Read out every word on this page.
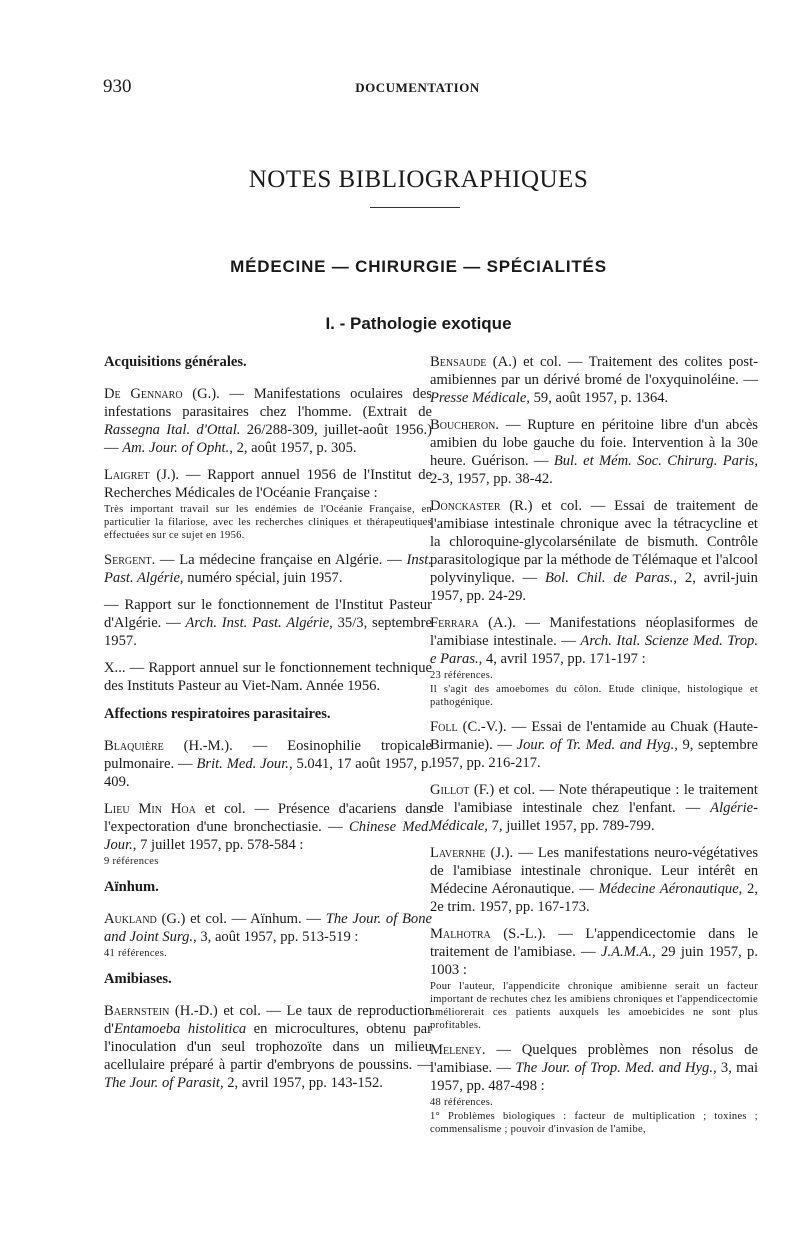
930	DOCUMENTATION
NOTES BIBLIOGRAPHIQUES
MÉDECINE — CHIRURGIE — SPÉCIALITÉS
I. - Pathologie exotique
Acquisitions générales.
De Gennaro (G.). — Manifestations oculaires des infestations parasitaires chez l'homme. (Extrait de Rassegna Ital. d'Ottal. 26/288-309, juillet-août 1956.) — Am. Jour. of Opht., 2, août 1957, p. 305.
Laigret (J.). — Rapport annuel 1956 de l'Institut de Recherches Médicales de l'Océanie Française :
Très important travail sur les endémies de l'Océanie Française, en particulier la filariose, avec les recherches cliniques et thérapeutiques effectuées sur ce sujet en 1956.
Sergent. — La médecine française en Algérie. — Inst. Past. Algérie, numéro spécial, juin 1957.
— Rapport sur le fonctionnement de l'Institut Pasteur d'Algérie. — Arch. Inst. Past. Algérie, 35/3, septembre 1957.
X... — Rapport annuel sur le fonctionnement technique des Instituts Pasteur au Viet-Nam. Année 1956.
Affections respiratoires parasitaires.
Blaquière (H.-M.). — Eosinophilie tropicale pulmonaire. — Brit. Med. Jour., 5.041, 17 août 1957, p. 409.
Lieu Min Hoa et col. — Présence d'acariens dans l'expectoration d'une bronchectiasie. — Chinese Med. Jour., 7 juillet 1957, pp. 578-584 :
9 références
Aïnhum.
Aukland (G.) et col. — Aïnhum. — The Jour. of Bone and Joint Surg., 3, août 1957, pp. 513-519 :
41 références.
Amibiases.
Baernstein (H.-D.) et col. — Le taux de reproduction d'Entamoeba histolitica en microcultures, obtenu par l'inoculation d'un seul trophozoïte dans un milieu acellulaire préparé à partir d'embryons de poussins. — The Jour. of Parasit, 2, avril 1957, pp. 143-152.
Bensaude (A.) et col. — Traitement des colites post-amibiennes par un dérivé bromé de l'oxyquinoléine. — Presse Médicale, 59, août 1957, p. 1364.
Boucheron. — Rupture en péritoine libre d'un abcès amibien du lobe gauche du foie. Intervention à la 30e heure. Guérison. — Bul. et Mém. Soc. Chirurg. Paris, 2-3, 1957, pp. 38-42.
Donckaster (R.) et col. — Essai de traitement de l'amibiase intestinale chronique avec la tétracycline et la chloroquine-glycolarsénilate de bismuth. Contrôle parasitologique par la méthode de Télémaque et l'alcool polyvinylique. — Bol. Chil. de Paras., 2, avril-juin 1957, pp. 24-29.
Ferrara (A.). — Manifestations néoplasiformes de l'amibiase intestinale. — Arch. Ital. Scienze Med. Trop. e Paras., 4, avril 1957, pp. 171-197 :
23 références.
Il s'agit des amoebomes du côlon. Etude clinique, histologique et pathogénique.
Foll (C.-V.). — Essai de l'entamide au Chuak (Haute-Birmanie). — Jour. of Tr. Med. and Hyg., 9, septembre 1957, pp. 216-217.
Gillot (F.) et col. — Note thérapeutique : le traitement de l'amibiase intestinale chez l'enfant. — Algérie-Médicale, 7, juillet 1957, pp. 789-799.
Lavernhe (J.). — Les manifestations neuro-végétatives de l'amibiase intestinale chronique. Leur intérêt en Médecine Aéronautique. — Médecine Aéronautique, 2, 2e trim. 1957, pp. 167-173.
Malhotra (S.-L.). — L'appendicectomie dans le traitement de l'amibiase. — J.A.M.A., 29 juin 1957, p. 1003 :
Pour l'auteur, l'appendicite chronique amibienne serait un facteur important de rechutes chez les amibiens chroniques et l'appendicectomie améliorerait ces patients auxquels les amoebicides ne sont plus profitables.
Meleney. — Quelques problèmes non résolus de l'amibiase. — The Jour. of Trop. Med. and Hyg., 3, mai 1957, pp. 487-498 :
48 références.
1° Problèmes biologiques : facteur de multiplication ; toxines ; commensalisme ; pouvoir d'invasion de l'amibe,
